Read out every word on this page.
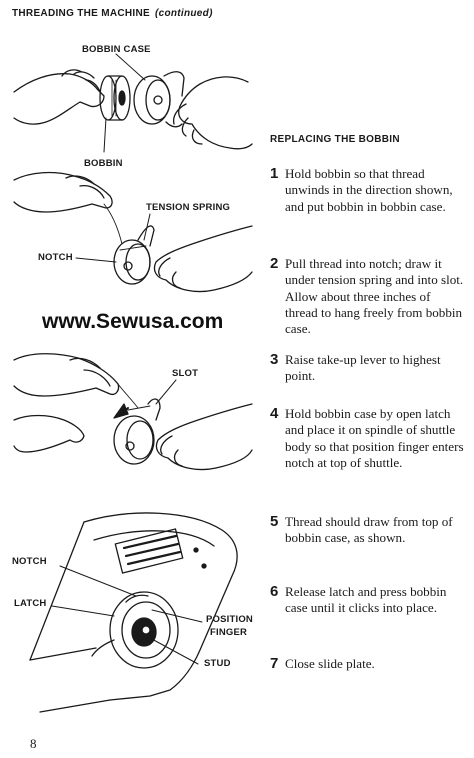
THREADING THE MACHINE (continued)
BOBBIN CASE
BOBBIN
TENSION SPRING
NOTCH
SLOT
NOTCH
LATCH
POSITION
FINGER
STUD
www.Sewusa.com
REPLACING THE BOBBIN
1 Hold bobbin so that thread unwinds in the direction shown, and put bobbin in bobbin case.
2 Pull thread into notch; draw it under tension spring and into slot. Allow about three inches of thread to hang freely from bobbin case.
3 Raise take-up lever to highest point.
4 Hold bobbin case by open latch and place it on spindle of shuttle body so that position finger enters notch at top of shuttle.
5 Thread should draw from top of bobbin case, as shown.
6 Release latch and press bobbin case until it clicks into place.
7 Close slide plate.
8
